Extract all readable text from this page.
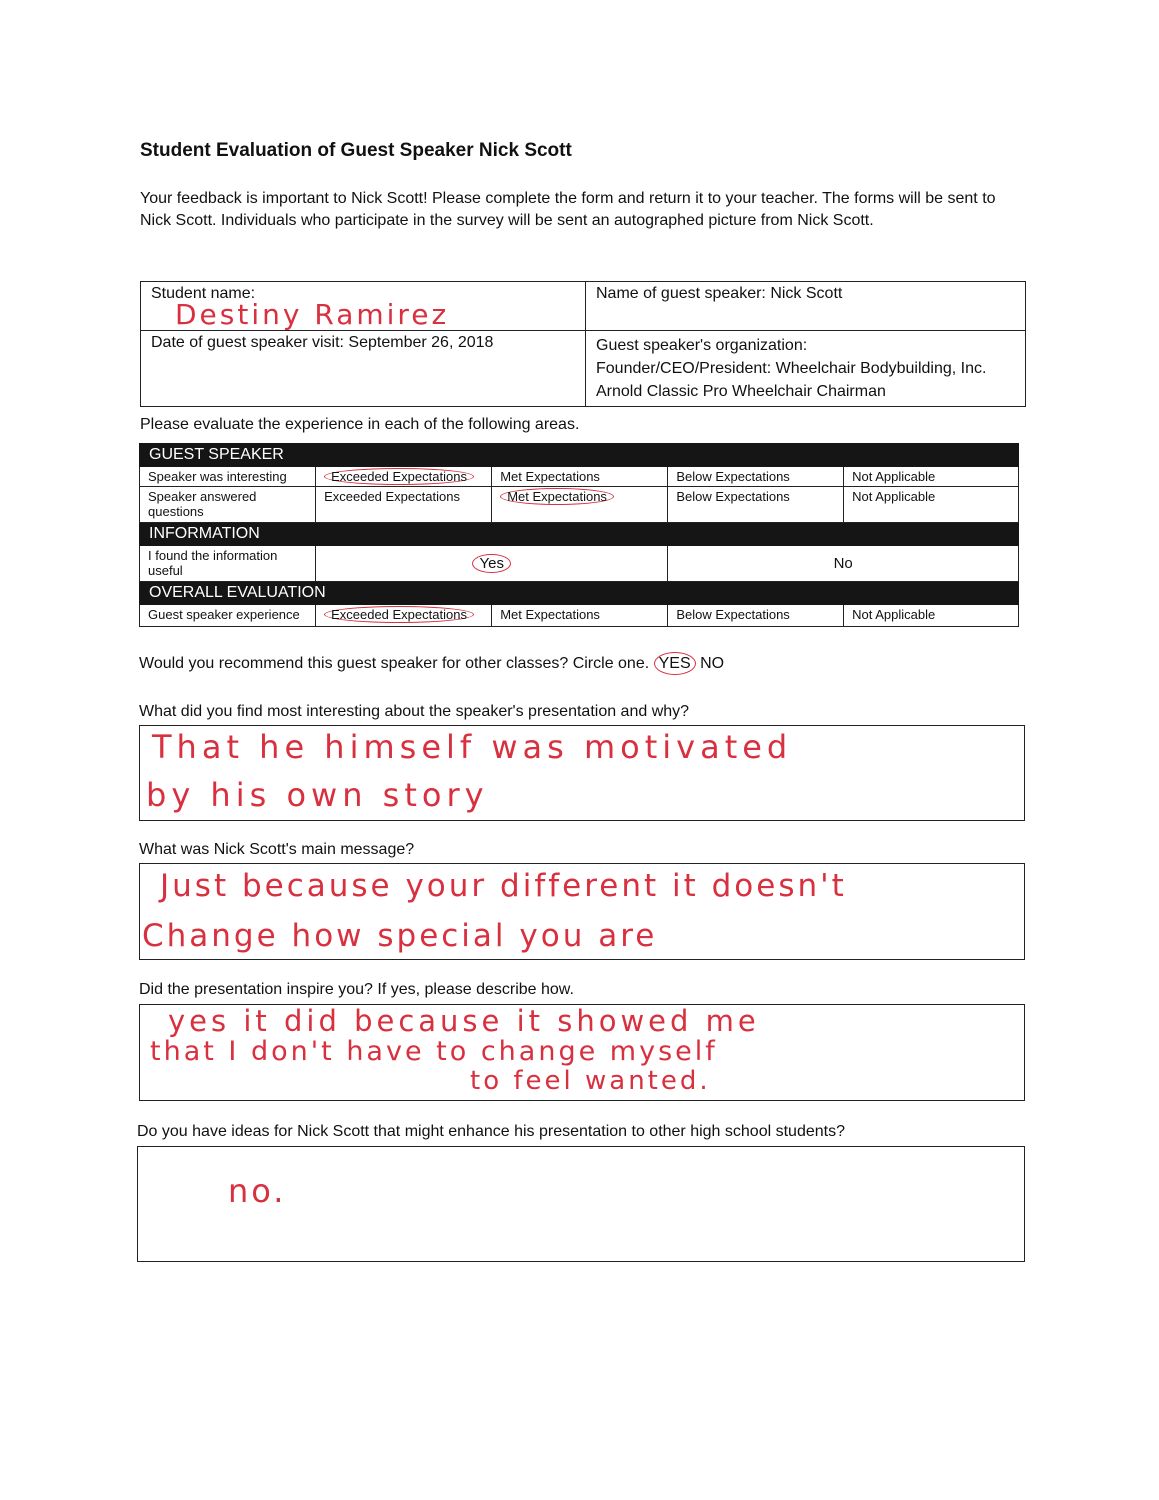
Student Evaluation of Guest Speaker Nick Scott
Your feedback is important to Nick Scott! Please complete the form and return it to your teacher. The forms will be sent to Nick Scott. Individuals who participate in the survey will be sent an autographed picture from Nick Scott.
Student name:
Destiny Ramirez	Name of guest speaker: Nick Scott
Date of guest speaker visit: September 26, 2018	Guest speaker's organization:
Founder/CEO/President: Wheelchair Bodybuilding, Inc.
Arnold Classic Pro Wheelchair Chairman
Please evaluate the experience in each of the following areas.
GUEST SPEAKER				
Speaker was interesting	Exceeded Expectations	Met Expectations	Below Expectations	Not Applicable
Speaker answered questions	Exceeded Expectations	Met Expectations	Below Expectations	Not Applicable
INFORMATION				
I found the information useful	Yes		No	
OVERALL EVALUATION				
Guest speaker experience	Exceeded Expectations	Met Expectations	Below Expectations	Not Applicable
Would you recommend this guest speaker for other classes? Circle one. YES NO
What did you find most interesting about the speaker's presentation and why?
That he himself was motivated
by his own story
What was Nick Scott's main message?
Just because your different it doesn't
Change how special you are
Did the presentation inspire you? If yes, please describe how.
yes it did because it showed me
that I don't have to change myself
to feel wanted.
Do you have ideas for Nick Scott that might enhance his presentation to other high school students?
no.
